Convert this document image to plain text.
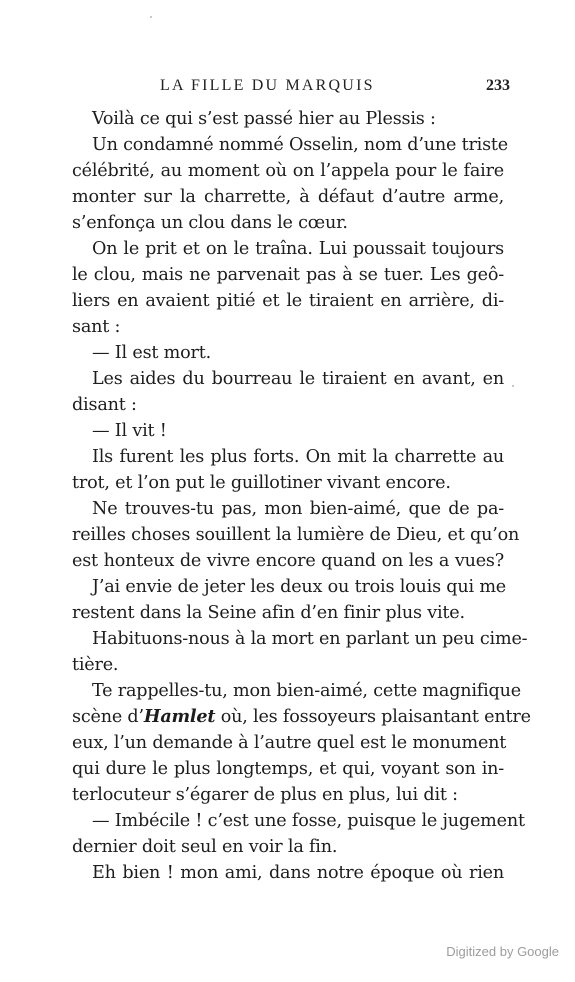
LA FILLE DU MARQUIS	233
Voilà ce qui s’est passé hier au Plessis :
Un condamné nommé Osselin, nom d’une triste
célébrité, au moment où on l’appela pour le faire
monter sur la charrette, à défaut d’autre arme,
s’enfonça un clou dans le cœur.
On le prit et on le traîna. Lui poussait toujours
le clou, mais ne parvenait pas à se tuer. Les geô-
liers en avaient pitié et le tiraient en arrière, di-
sant :
— Il est mort.
Les aides du bourreau le tiraient en avant, en
disant :
— Il vit !
Ils furent les plus forts. On mit la charrette au
trot, et l’on put le guillotiner vivant encore.
Ne trouves-tu pas, mon bien-aimé, que de pa-
reilles choses souillent la lumière de Dieu, et qu’on
est honteux de vivre encore quand on les a vues?
J’ai envie de jeter les deux ou trois louis qui me
restent dans la Seine afin d’en finir plus vite.
Habituons-nous à la mort en parlant un peu cime-
tière.
Te rappelles-tu, mon bien-aimé, cette magnifique
scène d’Hamlet où, les fossoyeurs plaisantant entre
eux, l’un demande à l’autre quel est le monument
qui dure le plus longtemps, et qui, voyant son in-
terlocuteur s’égarer de plus en plus, lui dit :
— Imbécile ! c’est une fosse, puisque le jugement
dernier doit seul en voir la fin.
Eh bien ! mon ami, dans notre époque où rien
Digitized by Google
